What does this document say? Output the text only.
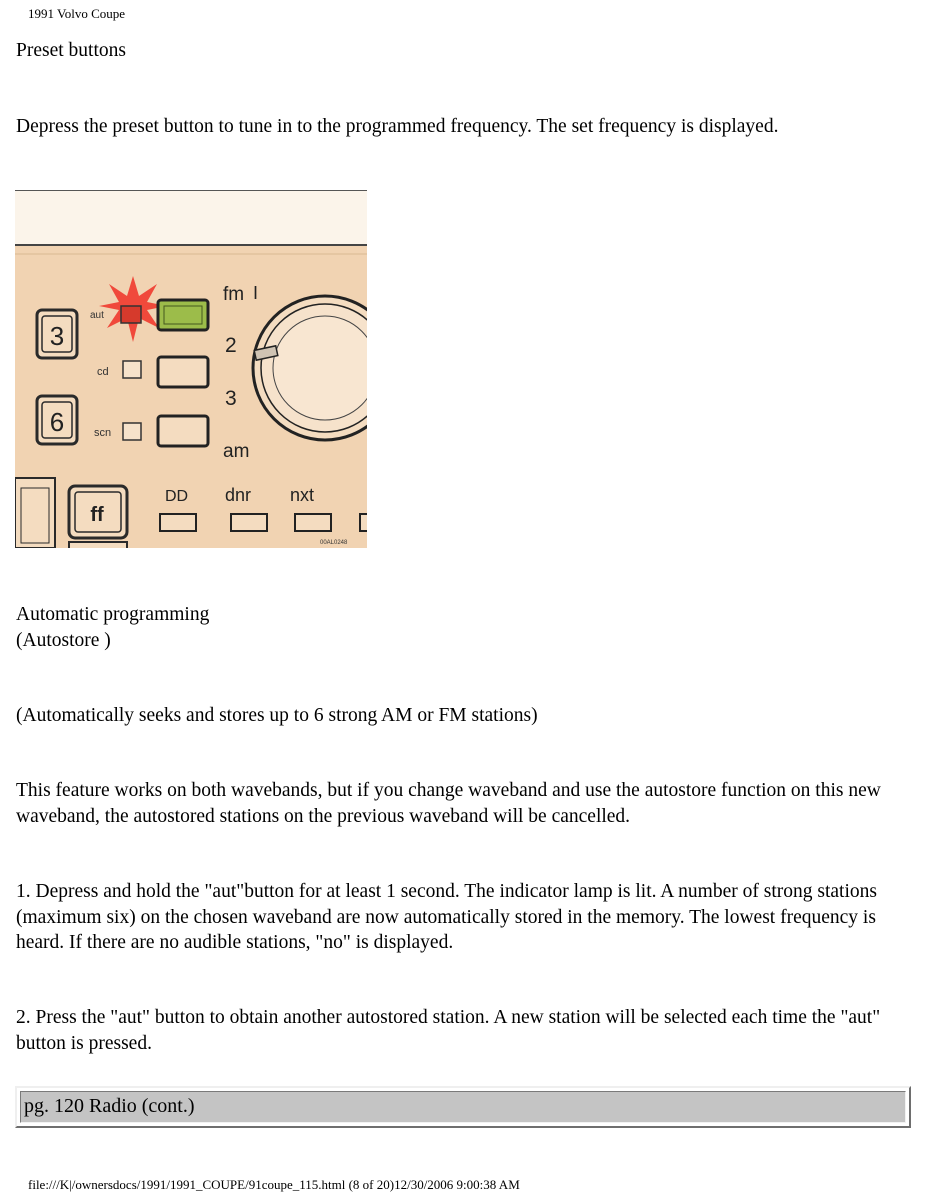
1991 Volvo Coupe
Preset buttons
Depress the preset button to tune in to the programmed frequency. The set frequency is displayed.
3
6
ff
aut
cd
scn
fm I
2
3
am
DD dnr nxt
00AL0248
Automatic programming
(Autostore )
(Automatically seeks and stores up to 6 strong AM or FM stations)
This feature works on both wavebands, but if you change waveband and use the autostore function on this new waveband, the autostored stations on the previous waveband will be cancelled.
1. Depress and hold the "aut"button for at least 1 second. The indicator lamp is lit. A number of strong stations (maximum six) on the chosen waveband are now automatically stored in the memory. The lowest frequency is heard. If there are no audible stations, "no" is displayed.
2. Press the "aut" button to obtain another autostored station. A new station will be selected each time the "aut" button is pressed.
pg. 120 Radio (cont.)
file:///K|/ownersdocs/1991/1991_COUPE/91coupe_115.html (8 of 20)12/30/2006 9:00:38 AM
